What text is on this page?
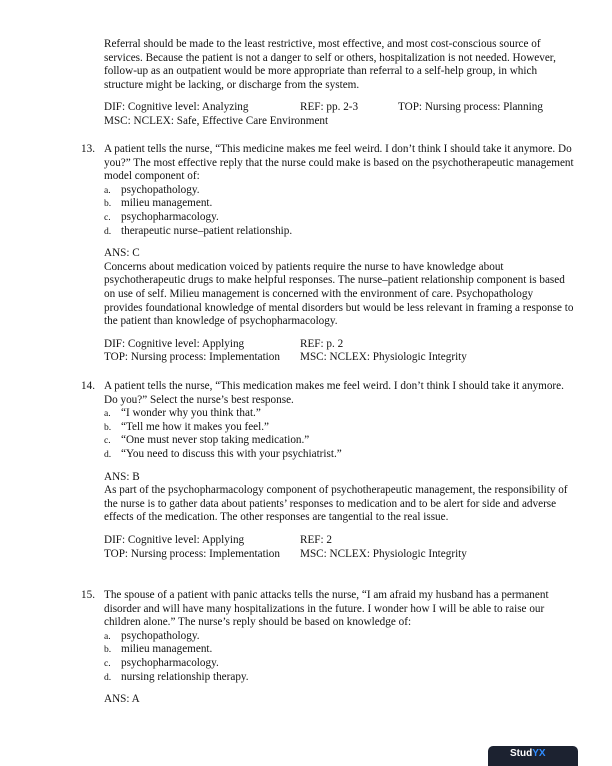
Referral should be made to the least restrictive, most effective, and most cost-conscious source of services. Because the patient is not a danger to self or others, hospitalization is not needed. However, follow-up as an outpatient would be more appropriate than referral to a self-help group, in which structure might be lacking, or discharge from the system.

DIF: Cognitive level: Analyzing	REF: pp. 2-3	TOP: Nursing process: Planning
MSC: NCLEX: Safe, Effective Care Environment
13. A patient tells the nurse, “This medicine makes me feel weird. I don’t think I should take it anymore. Do you?” The most effective reply that the nurse could make is based on the psychotherapeutic management model component of:

a. psychopathology.
b. milieu management.
c. psychopharmacology.
d. therapeutic nurse–patient relationship.
ANS: C

Concerns about medication voiced by patients require the nurse to have knowledge about psychotherapeutic drugs to make helpful responses. The nurse–patient relationship component is based on use of self. Milieu management is concerned with the environment of care. Psychopathology provides foundational knowledge of mental disorders but would be less relevant in framing a response to the patient than knowledge of psychopharmacology.

DIF: Cognitive level: Applying	REF: p. 2
TOP: Nursing process: Implementation MSC: NCLEX: Physiologic Integrity
14. A patient tells the nurse, “This medication makes me feel weird. I don’t think I should take it anymore. Do you?” Select the nurse’s best response.

a. “I wonder why you think that.”
b. “Tell me how it makes you feel.”
c. “One must never stop taking medication.”
d. “You need to discuss this with your psychiatrist.”
ANS: B

As part of the psychopharmacology component of psychotherapeutic management, the responsibility of the nurse is to gather data about patients’ responses to medication and to be alert for side and adverse effects of the medication. The other responses are tangential to the real issue.

DIF: Cognitive level: Applying	REF: 2
TOP: Nursing process: Implementation MSC: NCLEX: Physiologic Integrity
15. The spouse of a patient with panic attacks tells the nurse, “I am afraid my husband has a permanent disorder and will have many hospitalizations in the future. I wonder how I will be able to raise our children alone.” The nurse’s reply should be based on knowledge of:

a. psychopathology.
b. milieu management.
c. psychopharmacology.
d. nursing relationship therapy.
ANS: A
StudYX
